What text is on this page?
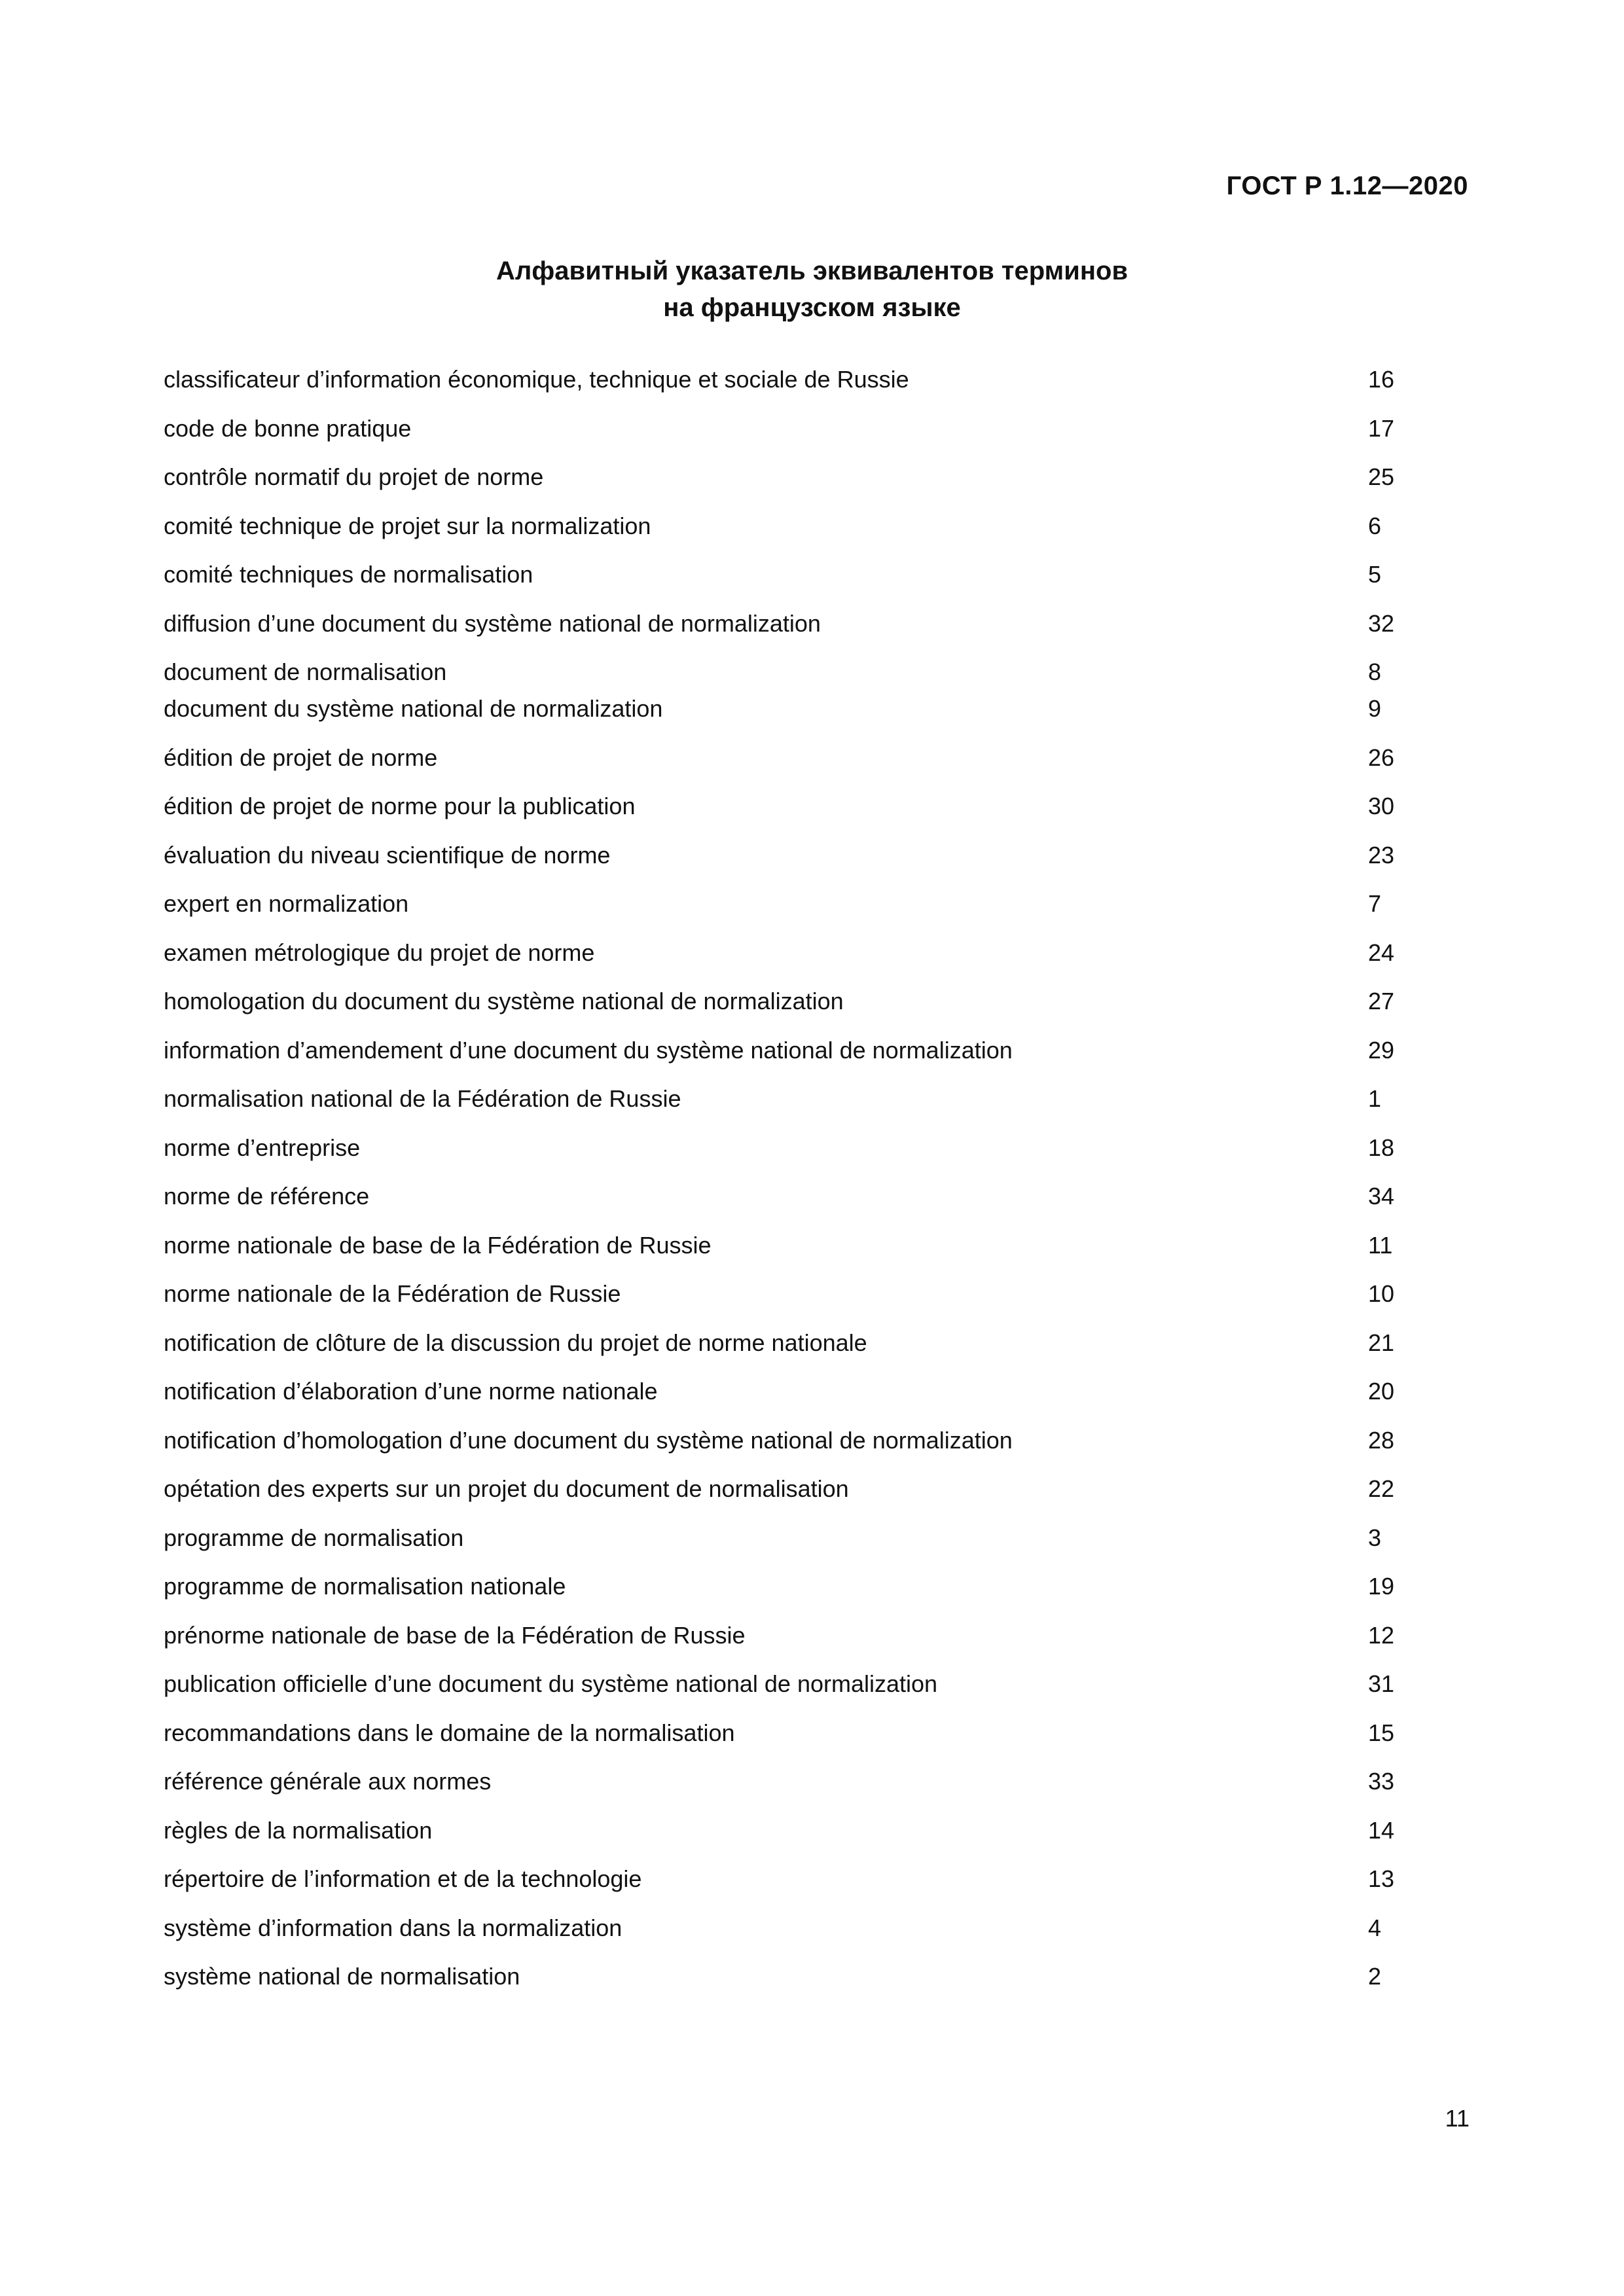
ГОСТ Р 1.12—2020
Алфавитный указатель эквивалентов терминов
на французском языке
classificateur d’information économique, technique et sociale de Russie	16
code de bonne pratique	17
contrôle normatif du projet de norme	25
comité technique de projet sur la normalization	6
comité techniques de normalisation	5
diffusion d’une document du système national de normalization	32
document de normalisation	8
document du système national de normalization	9
édition de projet de norme	26
édition de projet de norme pour la publication	30
évaluation du niveau scientifique de norme	23
expert en normalization	7
examen métrologique du projet de norme	24
homologation du document du système national de normalization	27
information d’amendement d’une document du système national de normalization	29
normalisation national de la Fédération de Russie	1
norme d’entreprise	18
norme de référence	34
norme nationale de base de la Fédération de Russie	11
norme nationale de la Fédération de Russie	10
notification de clôture de la discussion du projet de norme nationale	21
notification d’élaboration d’une norme nationale	20
notification d’homologation d’une document du système national de normalization	28
opétation des experts sur un projet du document de normalisation	22
programme de normalisation	3
programme de normalisation nationale	19
prénorme nationale de base de la Fédération de Russie	12
publication officielle d’une document du système national de normalization	31
recommandations dans le domaine de la normalisation	15
référence générale aux normes	33
règles de la normalisation	14
répertoire de l’information et de la technologie	13
système d’information dans la normalization	4
système national de normalisation	2
11
